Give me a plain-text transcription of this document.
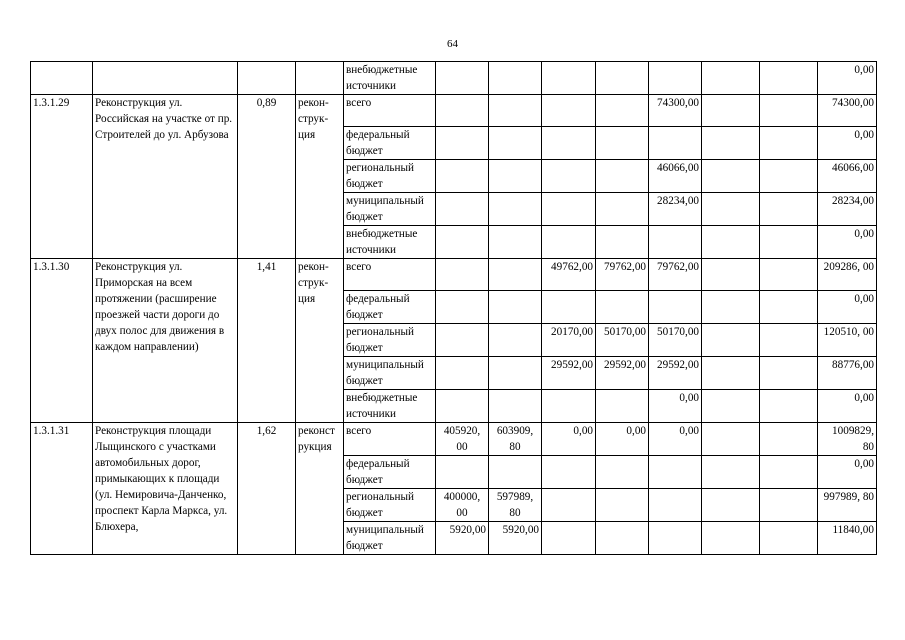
64
				внебюджетные источники								0,00
1.3.1.29	Реконструкция ул. Российская на участке от пр. Строителей до ул. Арбузова	0,89	рекон-струк-ция	всего					74300,00			74300,00
				федеральный бюджет								0,00
				региональный бюджет					46066,00			46066,00
				муниципальный бюджет					28234,00			28234,00
				внебюджетные источники								0,00
1.3.1.30	Реконструкция ул. Приморская на всем протяжении (расширение проезжей части дороги до двух полос для движения в каждом направлении)	1,41	рекон-струк-ция	всего			49762,00	79762,00	79762,00			209286, 00
				федеральный бюджет								0,00
				региональный бюджет			20170,00	50170,00	50170,00			120510, 00
				муниципальный бюджет			29592,00	29592,00	29592,00			88776,00
				внебюджетные источники					0,00			0,00
1.3.1.31	Реконструкция площади Лыщинского с участками автомобильных дорог, примыкающих к площади (ул. Немировича-Данченко, проспект Карла Маркса, ул. Блюхера,	1,62	реконст рукция	всего	405920, 00	603909, 80	0,00	0,00	0,00			1009829, 80
				федеральный бюджет								0,00
				региональный бюджет	400000, 00	597989, 80						997989, 80
				муниципальный бюджет	5920,00	5920,00						11840,00
